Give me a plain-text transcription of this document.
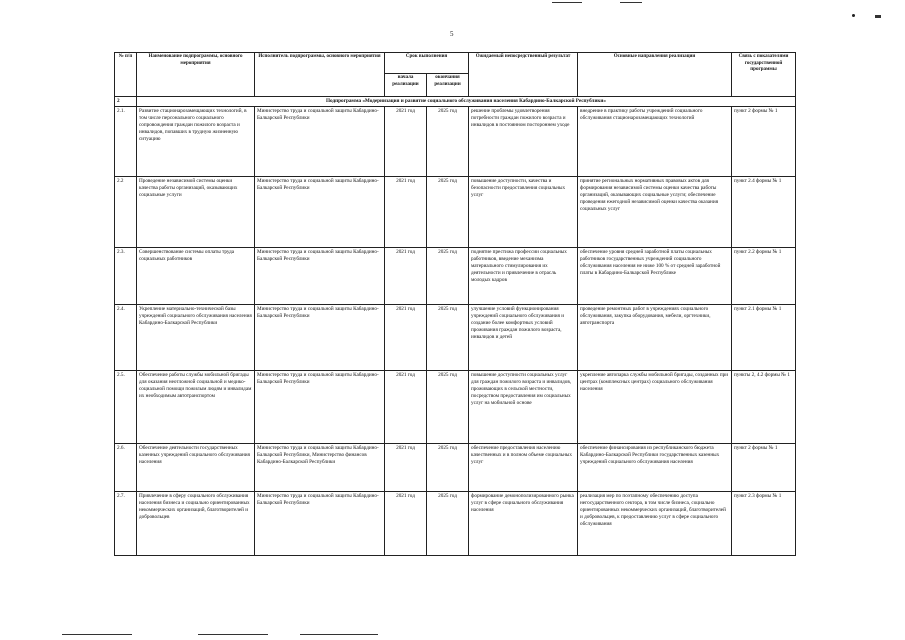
5
№ п/п	Наименование подпрограммы, основного мероприятия	Исполнитель подпрограммы, основного мероприятия	Срок выполнения		Ожидаемый непосредственный результат	Основные направления реализации	Связь с показателями государственной программы
			начала реализации	окончания реализации			
2	Подпрограмма «Модернизация и развитие социального обслуживания населения Кабардино-Балкарской Республики»						
2.1.	Развитие стационарозамещающих технологий, в том числе персонального социального сопровождения граждан пожилого возраста и инвалидов, попавших в трудную жизненную ситуацию	Министерство труда и социальной защиты Кабардино-Балкарской Республики	2021 год	2025 год	решение проблемы удовлетворения потребности граждан пожилого возраста и инвалидов в постоянном постороннем уходе	внедрение в практику работы учреждений социального обслуживания стационарозамещающих технологий	пункт 2 формы № 1
2.2	Проведение независимой системы оценки качества работы организаций, оказывающих социальные услуги	Министерство труда и социальной защиты Кабардино-Балкарской Республики	2021 год	2025 год	повышение доступности, качества и безопасности предоставления социальных услуг	принятие региональных нормативных правовых актов для формирования независимой системы оценки качества работы организаций, оказывающих социальные услуги; обеспечение проведения ежегодной независимой оценки качества оказания социальных услуг	пункт 2.4 формы № 1
2.3.	Совершенствование системы оплаты труда социальных работников	Министерство труда и социальной защиты Кабардино-Балкарской Республики	2021 год	2025 год	поднятие престижа профессии социальных работников, введение механизма материального стимулирования их деятельности и привлечение в отрасль молодых кадров	обеспечение уровня средней заработной платы социальных работников государственных учреждений социального обслуживания населения не ниже 100 % от средней заработной платы в Кабардино-Балкарской Республике	пункт 2.2 формы № 1
2.4.	Укрепление материально-технической базы учреждений социального обслуживания населения Кабардино-Балкарской Республики	Министерство труда и социальной защиты Кабардино-Балкарской Республики	2021 год	2025 год	улучшение условий функционирования учреждений социального обслуживания и создание более комфортных условий проживания граждан пожилого возраста, инвалидов и детей	проведение ремонтных работ в учреждениях социального обслуживания, закупка оборудования, мебели, оргтехники, автотранспорта	пункт 2.1 формы № 1
2.5.	Обеспечение работы службы мобильной бригады для оказания неотложной социальной и медико-социальной помощи пожилым людям и инвалидам их необходимым автотранспортом	Министерство труда и социальной защиты Кабардино-Балкарской Республики	2021 год	2025 год	повышение доступности социальных услуг для граждан пожилого возраста и инвалидов, проживающих в сельской местности, посредством предоставления им социальных услуг на мобильной основе	укрепление автопарка службы мобильной бригады, созданных при центрах (комплексных центрах) социального обслуживания населения	пункты 2, 4.2 формы № 1
2.6.	Обеспечение деятельности государственных казенных учреждений социального обслуживания населения	Министерство труда и социальной защиты Кабардино-Балкарской Республики, Министерство финансов Кабардино-Балкарской Республики	2021 год	2025 год	обеспечение предоставления населению качественных и в полном объеме социальных услуг	обеспечение финансирования из республиканского бюджета Кабардино-Балкарской Республики государственных казенных учреждений социального обслуживания населения	пункт 2 формы № 1
2.7.	Привлечение в сферу социального обслуживания населения бизнеса и социально ориентированных некоммерческих организаций, благотворителей и добровольцев	Министерство труда и социальной защиты Кабардино-Балкарской Республики	2021 год	2025 год	формирование демонополизированного рынка услуг в сфере социального обслуживания населения	реализация мер по поэтапному обеспечению доступа негосударственного сектора, в том числе бизнеса, социально ориентированных некоммерческих организаций, благотворителей и добровольцев, к предоставлению услуг в сфере социального обслуживания	пункт 2.3 формы № 1
